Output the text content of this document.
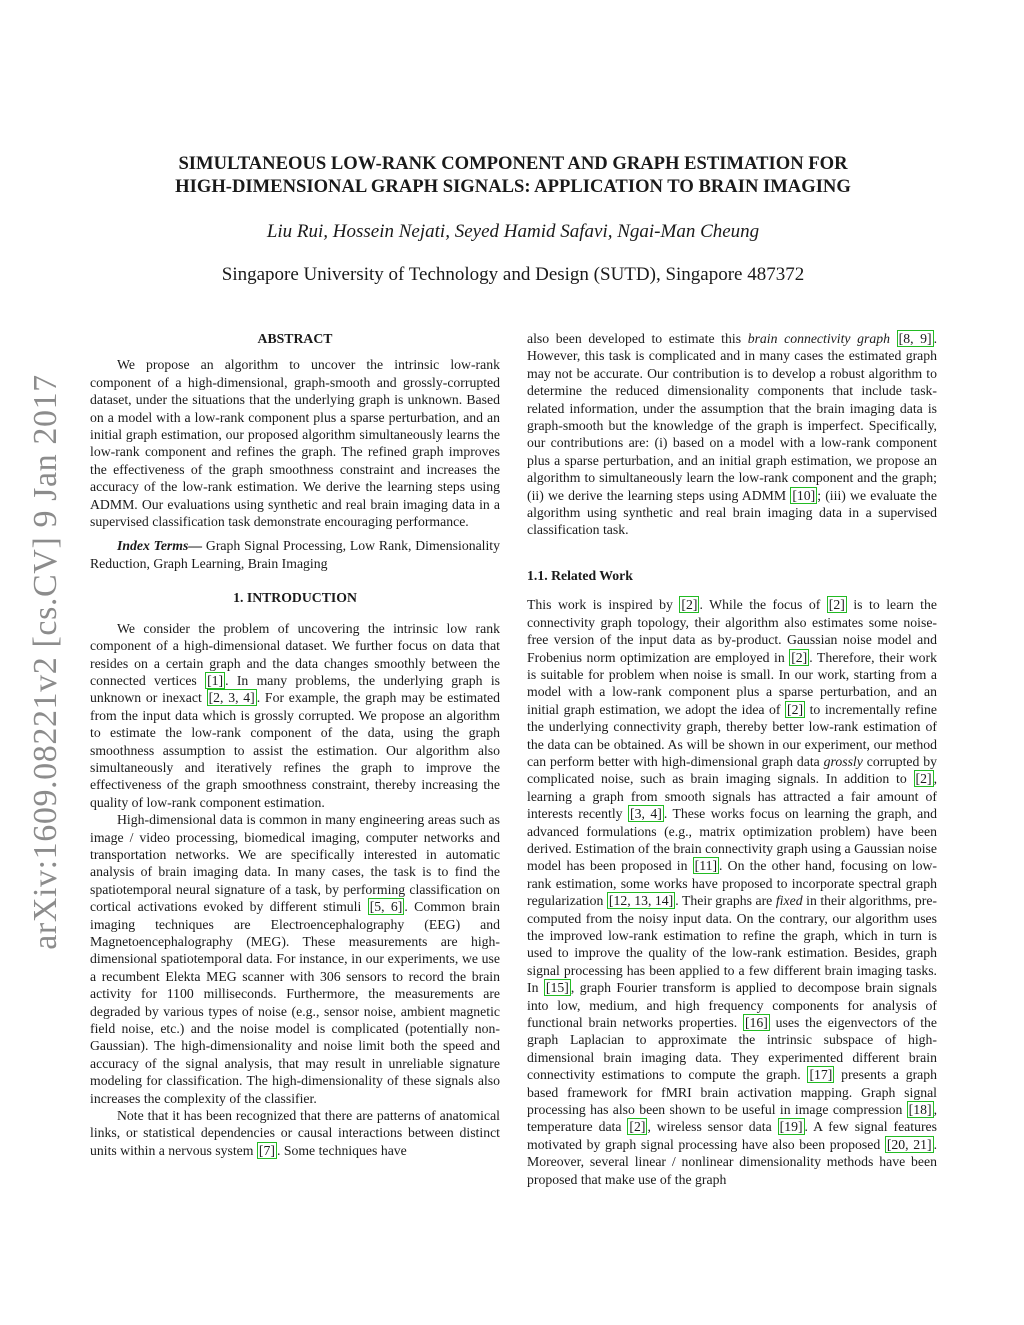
arXiv:1609.08221v2 [cs.CV] 9 Jan 2017
SIMULTANEOUS LOW-RANK COMPONENT AND GRAPH ESTIMATION FOR
HIGH-DIMENSIONAL GRAPH SIGNALS: APPLICATION TO BRAIN IMAGING
Liu Rui, Hossein Nejati, Seyed Hamid Safavi, Ngai-Man Cheung
Singapore University of Technology and Design (SUTD), Singapore 487372

ABSTRACT

We propose an algorithm to uncover the intrinsic low-rank component of a high-dimensional, graph-smooth and grossly-corrupted dataset, under the situations that the underlying graph is unknown. Based on a model with a low-rank component plus a sparse perturbation, and an initial graph estimation, our proposed algorithm simultaneously learns the low-rank component and refines the graph. The refined graph improves the effectiveness of the graph smoothness constraint and increases the accuracy of the low-rank estimation. We derive the learning steps using ADMM. Our evaluations using synthetic and real brain imaging data in a supervised classification task demonstrate encouraging performance.

Index Terms— Graph Signal Processing, Low Rank, Dimensionality Reduction, Graph Learning, Brain Imaging

1. INTRODUCTION

We consider the problem of uncovering the intrinsic low rank component of a high-dimensional dataset. We further focus on data that resides on a certain graph and the data changes smoothly between the connected vertices [1] . In many problems, the underlying graph is unknown or inexact [2, 3, 4] . For example, the graph may be estimated from the input data which is grossly corrupted. We propose an algorithm to estimate the low-rank component of the data, using the graph smoothness assumption to assist the estimation. Our algorithm also simultaneously and iteratively refines the graph to improve the effectiveness of the graph smoothness constraint, thereby increasing the quality of low-rank component estimation.

High-dimensional data is common in many engineering areas such as image / video processing, biomedical imaging, computer networks and transportation networks. We are specifically interested in automatic analysis of brain imaging data. In many cases, the task is to find the spatiotemporal neural signature of a task, by performing classification on cortical activations evoked by different stimuli [5, 6] . Common brain imaging techniques are Electroencephalography (EEG) and Magnetoencephalography (MEG). These measurements are high-dimensional spatiotemporal data. For instance, in our experiments, we use a recumbent Elekta MEG scanner with 306 sensors to record the brain activity for 1100 milliseconds. Furthermore, the measurements are degraded by various types of noise (e.g., sensor noise, ambient magnetic field noise, etc.) and the noise model is complicated (potentially non-Gaussian). The high-dimensionality and noise limit both the speed and accuracy of the signal analysis, that may result in unreliable signature modeling for classification. The high-dimensionality of these signals also increases the complexity of the classifier.

Note that it has been recognized that there are patterns of anatomical links, or statistical dependencies or causal interactions between distinct units within a nervous system [7] . Some techniques have

also been developed to estimate this brain connectivity graph [8, 9] . However, this task is complicated and in many cases the estimated graph may not be accurate. Our contribution is to develop a robust algorithm to determine the reduced dimensionality components that include task-related information, under the assumption that the brain imaging data is graph-smooth but the knowledge of the graph is imperfect. Specifically, our contributions are: (i) based on a model with a low-rank component plus a sparse perturbation, and an initial graph estimation, we propose an algorithm to simultaneously learn the low-rank component and the graph; (ii) we derive the learning steps using ADMM [10] ; (iii) we evaluate the algorithm using synthetic and real brain imaging data in a supervised classification task.

1.1. Related Work

This work is inspired by [2] . While the focus of [2] is to learn the connectivity graph topology, their algorithm also estimates some noise-free version of the input data as by-product. Gaussian noise model and Frobenius norm optimization are employed in [2] . Therefore, their work is suitable for problem when noise is small. In our work, starting from a model with a low-rank component plus a sparse perturbation, and an initial graph estimation, we adopt the idea of [2] to incrementally refine the underlying connectivity graph, thereby better low-rank estimation of the data can be obtained. As will be shown in our experiment, our method can perform better with high-dimensional graph data grossly corrupted by complicated noise, such as brain imaging signals. In addition to [2] , learning a graph from smooth signals has attracted a fair amount of interests recently [3, 4] . These works focus on learning the graph, and advanced formulations (e.g., matrix optimization problem) have been derived. Estimation of the brain connectivity graph using a Gaussian noise model has been proposed in [11] . On the other hand, focusing on low-rank estimation, some works have proposed to incorporate spectral graph regularization [12, 13, 14] . Their graphs are fixed in their algorithms, pre-computed from the noisy input data. On the contrary, our algorithm uses the improved low-rank estimation to refine the graph, which in turn is used to improve the quality of the low-rank estimation. Besides, graph signal processing has been applied to a few different brain imaging tasks. In [15] , graph Fourier transform is applied to decompose brain signals into low, medium, and high frequency components for analysis of functional brain networks properties. [16] uses the eigenvectors of the graph Laplacian to approximate the intrinsic subspace of high-dimensional brain imaging data. They experimented different brain connectivity estimations to compute the graph. [17] presents a graph based framework for fMRI brain activation mapping. Graph signal processing has also been shown to be useful in image compression [18] , temperature data [2] , wireless sensor data [19] . A few signal features motivated by graph signal processing have also been proposed [20, 21] . Moreover, several linear / nonlinear dimensionality methods have been proposed that make use of the graph
